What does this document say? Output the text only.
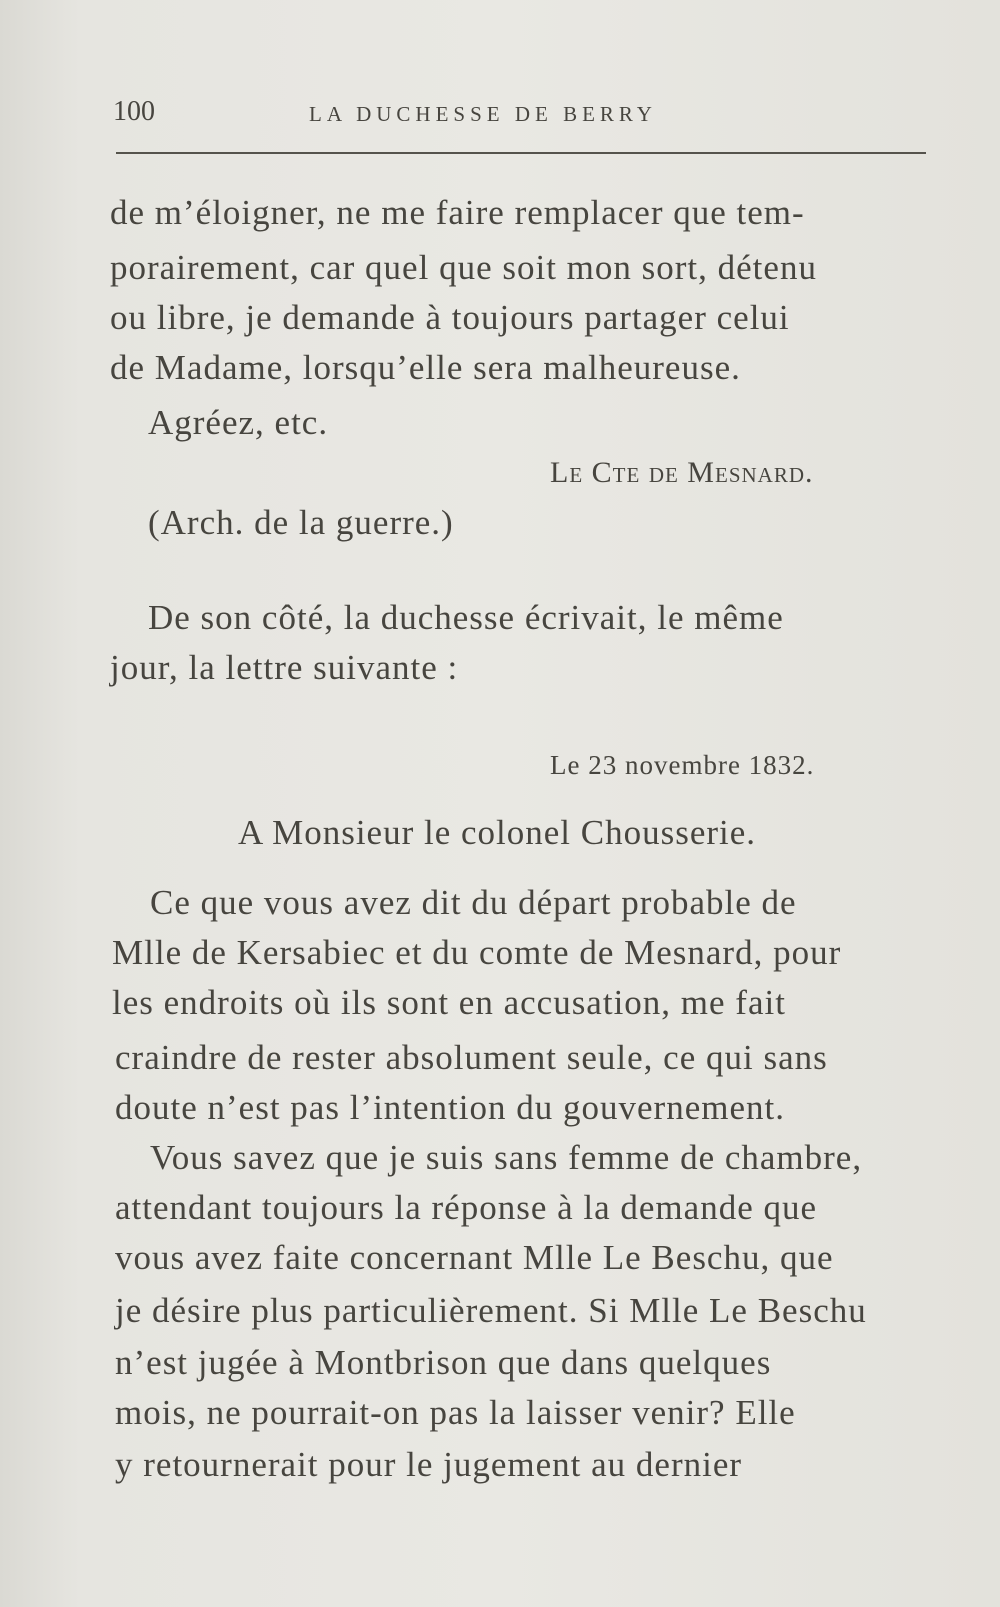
100	LA DUCHESSE DE BERRY
de m’éloigner, ne me faire remplacer que tem-
porairement, car quel que soit mon sort, détenu
ou libre, je demande à toujours partager celui
de Madame, lorsqu’elle sera malheureuse.
Agréez, etc.
Le Cte de Mesnard.
(Arch. de la guerre.)
De son côté, la duchesse écrivait, le même
jour, la lettre suivante :
Le 23 novembre 1832.
A Monsieur le colonel Chousserie.
Ce que vous avez dit du départ probable de
Mlle de Kersabiec et du comte de Mesnard, pour
les endroits où ils sont en accusation, me fait
craindre de rester absolument seule, ce qui sans
doute n’est pas l’intention du gouvernement.
Vous savez que je suis sans femme de chambre,
attendant toujours la réponse à la demande que
vous avez faite concernant Mlle Le Beschu, que
je désire plus particulièrement. Si Mlle Le Beschu
n’est jugée à Montbrison que dans quelques
mois, ne pourrait-on pas la laisser venir? Elle
y retournerait pour le jugement au dernier
